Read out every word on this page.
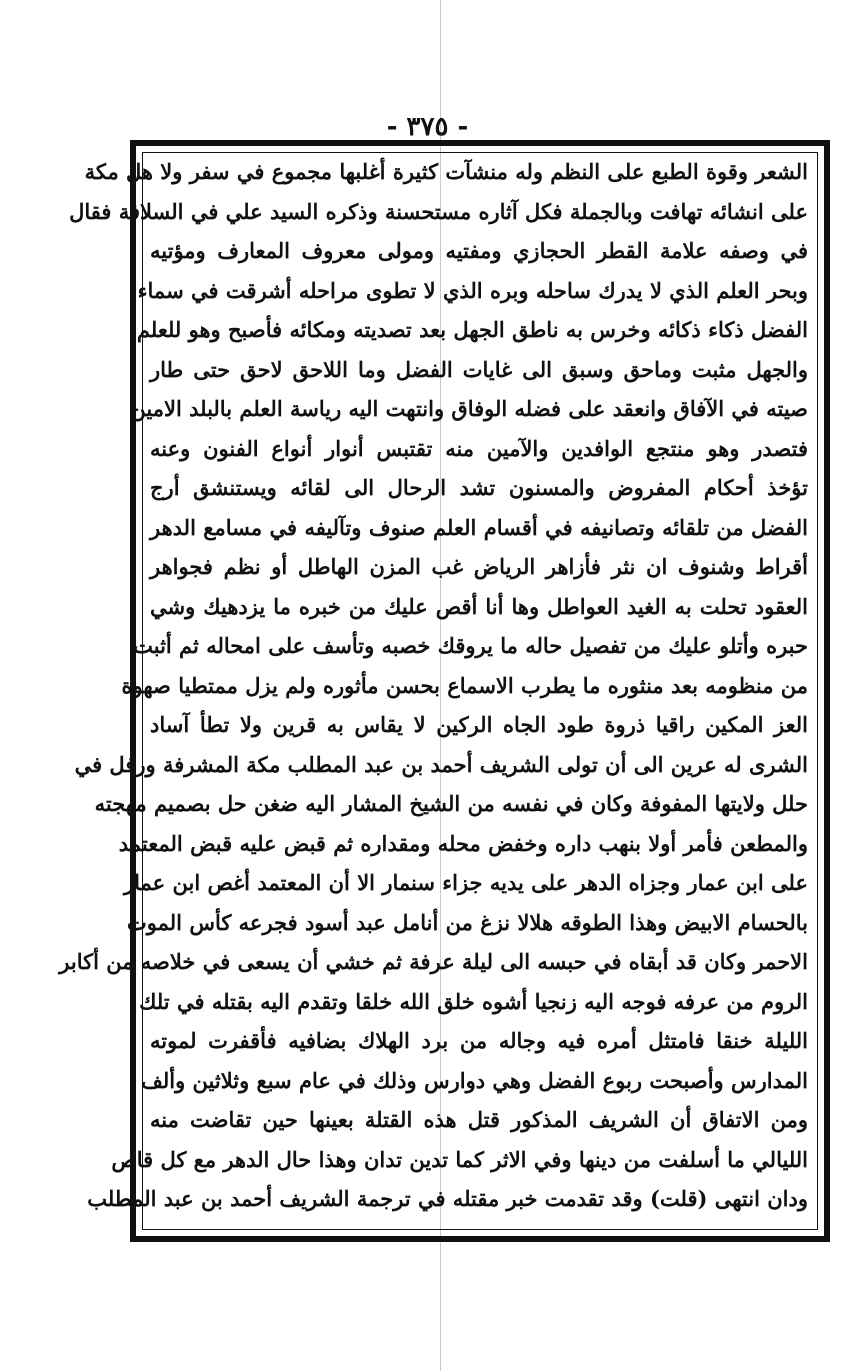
- ٣٧٥ -
الشعر وقوة الطبع على النظم وله منشآت كثيرة أغلبها مجموع في سفر ولا هل مكة
على انشائه تهافت وبالجملة فكل آثاره مستحسنة وذكره السيد علي في السلافة فقال
في وصفه علامة القطر الحجازي ومفتيه ومولى معروف المعارف ومؤتيه
وبحر العلم الذي لا يدرك ساحله وبره الذي لا تطوى مراحله أشرقت في سماء
الفضل ذكاء ذكائه وخرس به ناطق الجهل بعد تصديته ومكائه فأصبح وهو للعلم
والجهل مثبت وماحق وسبق الى غايات الفضل وما اللاحق لاحق حتى طار
صيته في الآفاق وانعقد على فضله الوفاق وانتهت اليه رياسة العلم بالبلد الامين
فتصدر وهو منتجع الوافدين والآمين منه تقتبس أنوار أنواع الفنون وعنه
تؤخذ أحكام المفروض والمسنون تشد الرحال الى لقائه ويستنشق أرج
الفضل من تلقائه وتصانيفه في أقسام العلم صنوف وتآليفه في مسامع الدهر
أقراط وشنوف ان نثر فأزاهر الرياض غب المزن الهاطل أو نظم فجواهر
العقود تحلت به الغيد العواطل وها أنا أقص عليك من خبره ما يزدهيك وشي
حبره وأتلو عليك من تفصيل حاله ما يروقك خصبه وتأسف على امحاله ثم أثبت
من منظومه بعد منثوره ما يطرب الاسماع بحسن مأثوره ولم يزل ممتطيا صهوة
العز المكين راقيا ذروة طود الجاه الركين لا يقاس به قرين ولا تطأ آساد
الشرى له عرين الى أن تولى الشريف أحمد بن عبد المطلب مكة المشرفة ورفل في
حلل ولايتها المفوفة وكان في نفسه من الشيخ المشار اليه ضغن حل بصميم مهجته
والمطعن فأمر أولا بنهب داره وخفض محله ومقداره ثم قبض عليه قبض المعتمد
على ابن عمار وجزاه الدهر على يديه جزاء سنمار الا أن المعتمد أغص ابن عمار
بالحسام الابيض وهذا الطوقه هلالا نزغ من أنامل عبد أسود فجرعه كأس الموت
الاحمر وكان قد أبقاه في حبسه الى ليلة عرفة ثم خشي أن يسعى في خلاصه من أكابر
الروم من عرفه فوجه اليه زنجيا أشوه خلق الله خلقا وتقدم اليه بقتله في تلك
الليلة خنقا فامتثل أمره فيه وجاله من برد الهلاك بضافيه فأقفرت لموته
المدارس وأصبحت ربوع الفضل وهي دوارس وذلك في عام سبع وثلاثين وألف
ومن الاتفاق أن الشريف المذكور قتل هذه القتلة بعينها حين تقاضت منه
الليالي ما أسلفت من دينها وفي الاثر كما تدين تدان وهذا حال الدهر مع كل قاص
ودان انتهى (قلت) وقد تقدمت خبر مقتله في ترجمة الشريف أحمد بن عبد المطلب
